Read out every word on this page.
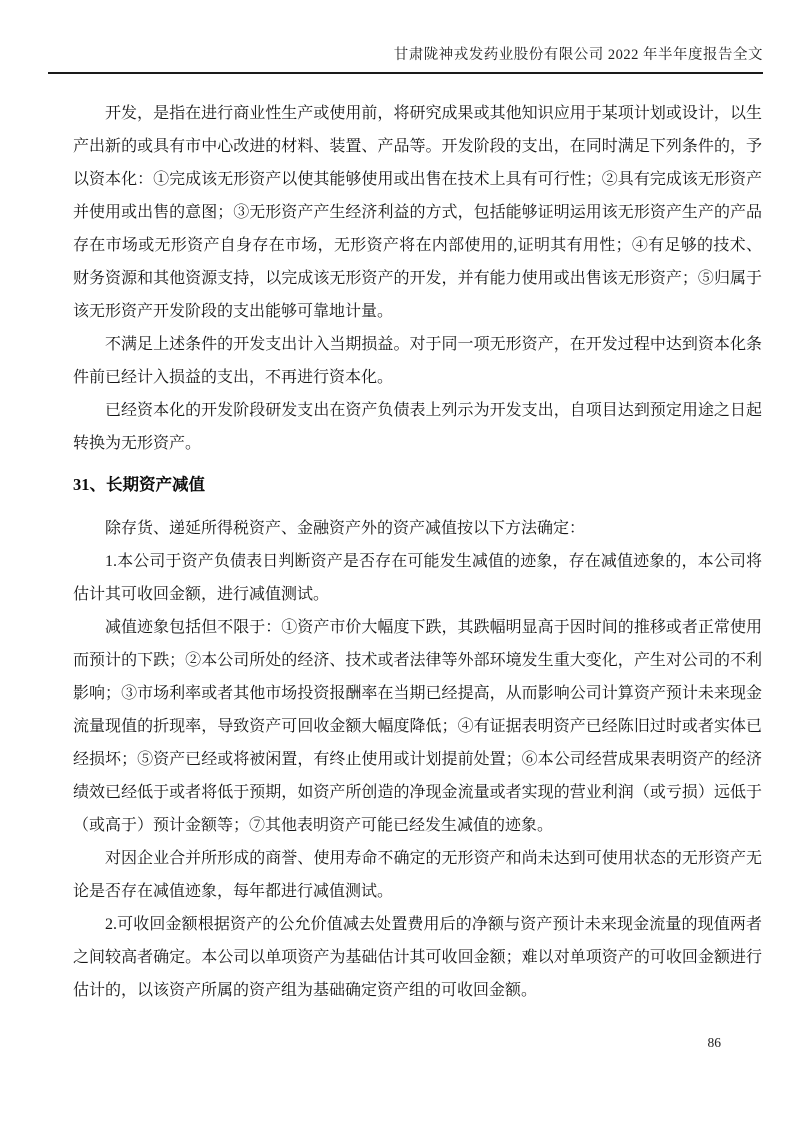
甘肃陇神戎发药业股份有限公司 2022 年半年度报告全文

开发，是指在进行商业性生产或使用前，将研究成果或其他知识应用于某项计划或设计，以生产出新的或具有市中心改进的材料、装置、产品等。开发阶段的支出，在同时满足下列条件的，予以资本化：①完成该无形资产以使其能够使用或出售在技术上具有可行性；②具有完成该无形资产并使用或出售的意图；③无形资产产生经济利益的方式，包括能够证明运用该无形资产生产的产品存在市场或无形资产自身存在市场，无形资产将在内部使用的,证明其有用性；④有足够的技术、财务资源和其他资源支持，以完成该无形资产的开发，并有能力使用或出售该无形资产；⑤归属于该无形资产开发阶段的支出能够可靠地计量。

不满足上述条件的开发支出计入当期损益。对于同一项无形资产，在开发过程中达到资本化条件前已经计入损益的支出，不再进行资本化。

已经资本化的开发阶段研发支出在资产负债表上列示为开发支出，自项目达到预定用途之日起转换为无形资产。

31、长期资产减值

除存货、递延所得税资产、金融资产外的资产减值按以下方法确定：

1.本公司于资产负债表日判断资产是否存在可能发生减值的迹象，存在减值迹象的，本公司将估计其可收回金额，进行减值测试。

减值迹象包括但不限于：①资产市价大幅度下跌，其跌幅明显高于因时间的推移或者正常使用而预计的下跌；②本公司所处的经济、技术或者法律等外部环境发生重大变化，产生对公司的不利影响；③市场利率或者其他市场投资报酬率在当期已经提高，从而影响公司计算资产预计未来现金流量现值的折现率，导致资产可回收金额大幅度降低；④有证据表明资产已经陈旧过时或者实体已经损坏；⑤资产已经或将被闲置，有终止使用或计划提前处置；⑥本公司经营成果表明资产的经济绩效已经低于或者将低于预期，如资产所创造的净现金流量或者实现的营业利润（或亏损）远低于（或高于）预计金额等；⑦其他表明资产可能已经发生减值的迹象。

对因企业合并所形成的商誉、使用寿命不确定的无形资产和尚未达到可使用状态的无形资产无论是否存在减值迹象，每年都进行减值测试。

2.可收回金额根据资产的公允价值减去处置费用后的净额与资产预计未来现金流量的现值两者之间较高者确定。本公司以单项资产为基础估计其可收回金额；难以对单项资产的可收回金额进行估计的，以该资产所属的资产组为基础确定资产组的可收回金额。

86
